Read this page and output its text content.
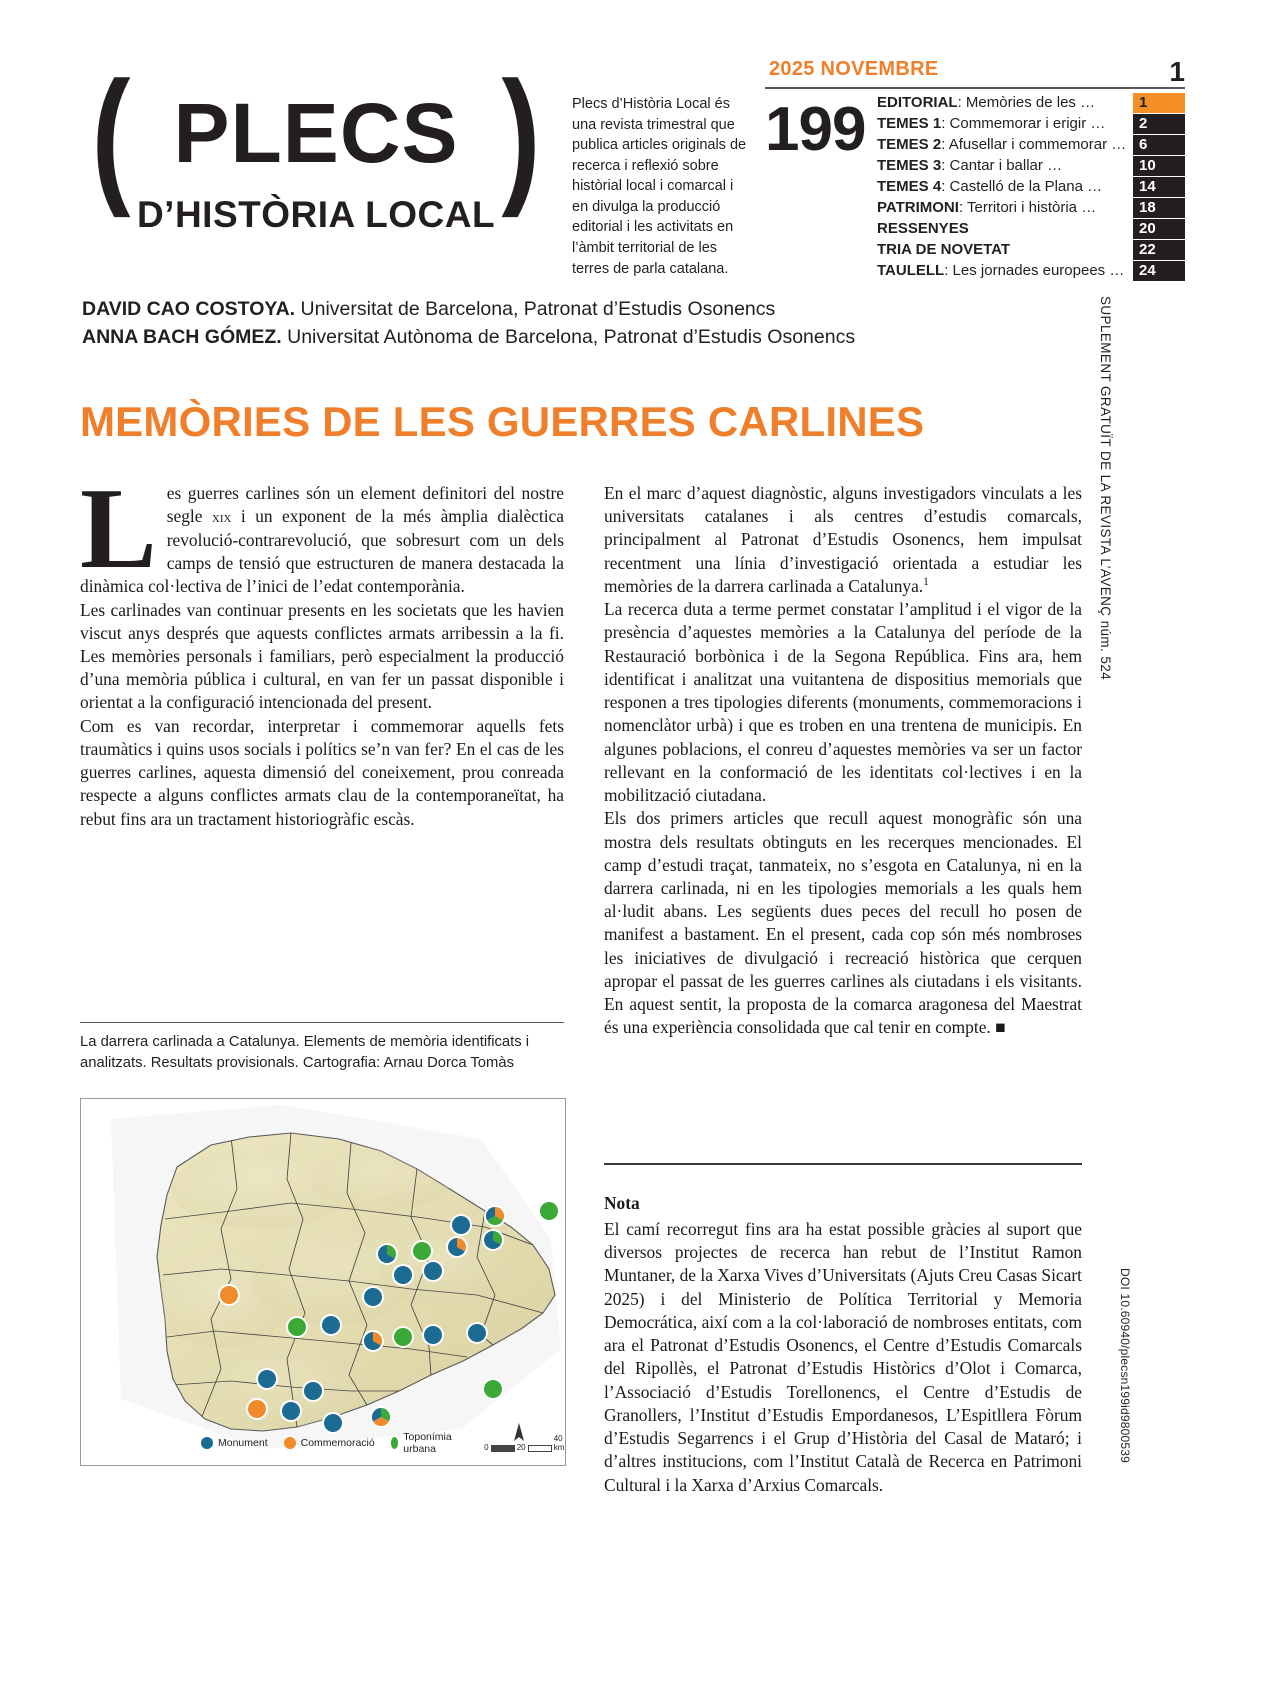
( PLECS )
D’HISTÒRIA LOCAL
Plecs d’Història Local és una revista trimestral que publica articles originals de recerca i reflexió sobre històrial local i comarcal i en divulga la producció editorial i les activitats en l’àmbit territorial de les terres de parla catalana.
2025 NOVEMBRE	1
199 EDITORIAL: Memòries de les …	1
TEMES 1: Commemorar i erigir …	2
TEMES 2: Afusellar i commemorar … 6
TEMES 3: Cantar i ballar …	10
TEMES 4: Castelló de la Plana …	14
PATRIMONI: Territori i història …	18
RESSENYES	20
TRIA DE NOVETAT	22
TAULELL: Les jornades europees … 24
DAVID CAO COSTOYA. Universitat de Barcelona, Patronat d’Estudis Osonencs
ANNA BACH GÓMEZ. Universitat Autònoma de Barcelona, Patronat d’Estudis Osonencs
MEMÒRIES DE LES GUERRES CARLINES

Les guerres carlines són un element definitori del nostre segle xix i un exponent de la més àmplia dialèctica revolució-contrarevolució, que sobresurt com un dels camps de tensió que estructuren de manera destacada la dinàmica col·lectiva de l’inici de l’edat contemporània.

Les carlinades van continuar presents en les societats que les havien viscut anys després que aquests conflictes armats arribessin a la fi. Les memòries personals i familiars, però especialment la producció d’una memòria pública i cultural, en van fer un passat disponible i orientat a la configuració intencionada del present.

Com es van recordar, interpretar i commemorar aquells fets traumàtics i quins usos socials i polítics se’n van fer? En el cas de les guerres carlines, aquesta dimensió del coneixement, prou conreada respecte a alguns conflictes armats clau de la contemporaneïtat, ha rebut fins ara un tractament historiogràfic escàs.

En el marc d’aquest diagnòstic, alguns investigadors vinculats a les universitats catalanes i als centres d’estudis comarcals, principalment al Patronat d’Estudis Osonencs, hem impulsat recentment una línia d’investigació orientada a estudiar les memòries de la darrera carlinada a Catalunya.$^1$

La recerca duta a terme permet constatar l’amplitud i el vigor de la presència d’aquestes memòries a la Catalunya del període de la Restauració borbònica i de la Segona República. Fins ara, hem identificat i analitzat una vuitantena de dispositius memorials que responen a tres tipologies diferents (monuments, commemoracions i nomenclàtor urbà) i que es troben en una trentena de municipis. En algunes poblacions, el conreu d’aquestes memòries va ser un factor rellevant en la conformació de les identitats col·lectives i en la mobilització ciutadana.

Els dos primers articles que recull aquest monogràfic són una mostra dels resultats obtinguts en les recerques mencionades. El camp d’estudi traçat, tanmateix, no s’esgota en Catalunya, ni en la darrera carlinada, ni en les tipologies memorials a les quals hem al·ludit abans. Les següents dues peces del recull ho posen de manifest a bastament. En el present, cada cop són més nombroses les iniciatives de divulgació i recreació històrica que cerquen apropar el passat de les guerres carlines als ciutadans i els visitants. En aquest sentit, la proposta de la comarca aragonesa del Maestrat és una experiència consolidada que cal tenir en compte. ■

La darrera carlinada a Catalunya. Elements de memòria identificats i analitzats. Resultats provisionals. Cartografia: Arnau Dorca Tomàs
Monument	Commemoració	Toponímia urbana	0	20
40 km
Nota
El camí recorregut fins ara ha estat possible gràcies al suport que diversos projectes de recerca han rebut de l’Institut Ramon Muntaner, de la Xarxa Vives d’Universitats (Ajuts Creu Casas Sicart 2025) i del Ministerio de Política Territorial y Memoria Democrática, així com a la col·laboració de nombroses entitats, com ara el Patronat d’Estudis Osonencs, el Centre d’Estudis Comarcals del Ripollès, el Patronat d’Estudis Històrics d’Olot i Comarca, l’Associació d’Estudis Torellonencs, el Centre d’Estudis de Granollers, l’Institut d’Estudis Empordanesos, L’Espitllera Fòrum d’Estudis Segarrencs i el Grup d’Història del Casal de Mataró; i d’altres institucions, com l’Institut Català de Recerca en Patrimoni Cultural i la Xarxa d’Arxius Comarcals.
SUPLEMENT GRATUÏT DE LA REVISTA L’AVENÇ núm. 524
DOI 10.60940/plecsn199id9800539
